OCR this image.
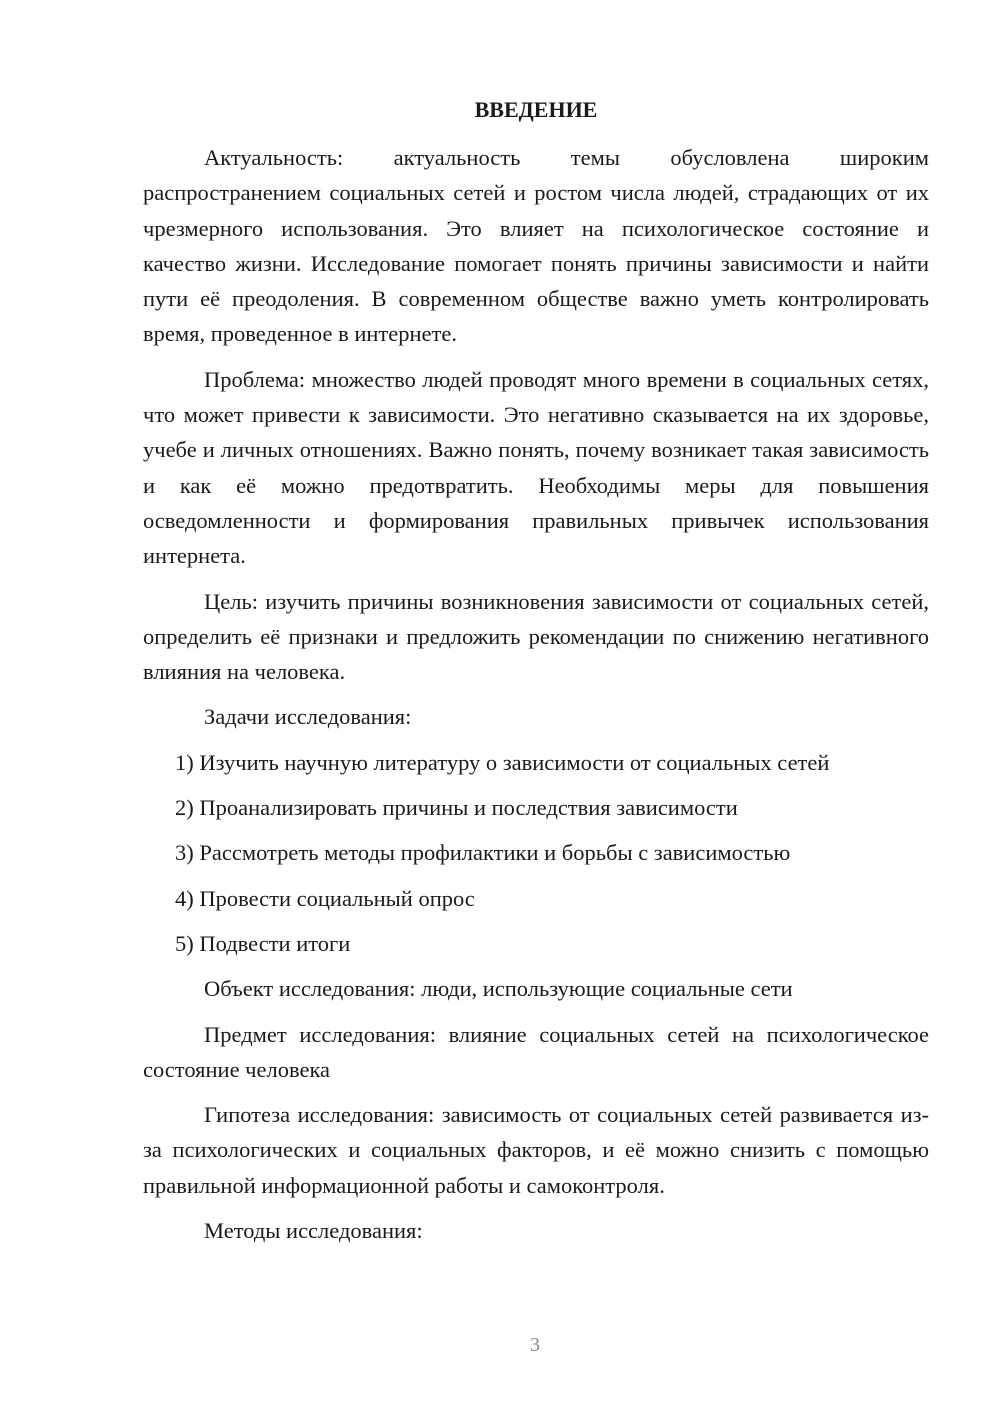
ВВЕДЕНИЕ

Актуальность: актуальность темы обусловлена широким распространением социальных сетей и ростом числа людей, страдающих от их чрезмерного использования. Это влияет на психологическое состояние и качество жизни. Исследование помогает понять причины зависимости и найти пути её преодоления. В современном обществе важно уметь контролировать время, проведенное в интернете.

Проблема: множество людей проводят много времени в социальных сетях, что может привести к зависимости. Это негативно сказывается на их здоровье, учебе и личных отношениях. Важно понять, почему возникает такая зависимость и как её можно предотвратить. Необходимы меры для повышения осведомленности и формирования правильных привычек использования интернета.

Цель: изучить причины возникновения зависимости от социальных сетей, определить её признаки и предложить рекомендации по снижению негативного влияния на человека.

Задачи исследования:

1) Изучить научную литературу о зависимости от социальных сетей

2) Проанализировать причины и последствия зависимости

3) Рассмотреть методы профилактики и борьбы с зависимостью

4) Провести социальный опрос

5) Подвести итоги

Объект исследования: люди, использующие социальные сети

Предмет исследования: влияние социальных сетей на психологическое состояние человека

Гипотеза исследования: зависимость от социальных сетей развивается из-за психологических и социальных факторов, и её можно снизить с помощью правильной информационной работы и самоконтроля.

Методы исследования:

3
